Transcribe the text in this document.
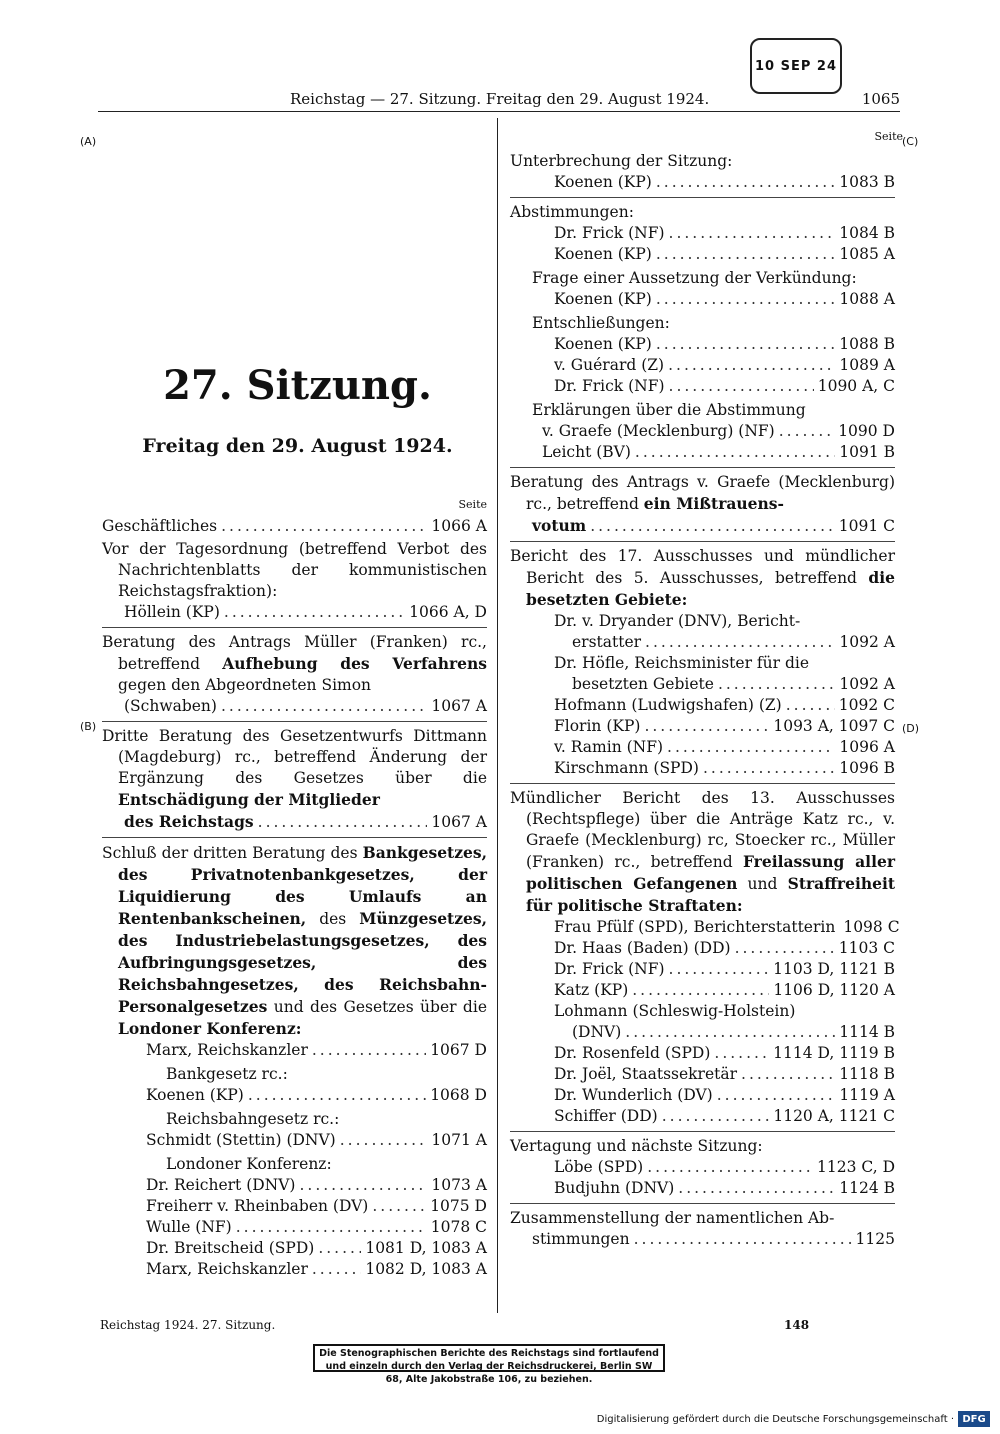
10 SEP 24
Reichstag — 27. Sitzung. Freitag den 29. August 1924.	1065
(A)
(B)
(C)
(D)
27. Sitzung.
Freitag den 29. August 1924.
Seite
Geschäftliches .....	1066 A
Vor der Tagesordnung (betreffend Verbot des Nachrichtenblatts der kommunistischen Reichstagsfraktion):
Höllein (KP) .....	1066 A, D
Beratung des Antrags Müller (Franken) rc., betreffend Aufhebung des Verfahrens gegen den Abgeordneten Simon
(Schwaben) .....	1067 A
Dritte Beratung des Gesetzentwurfs Dittmann (Magdeburg) rc., betreffend Änderung der Ergänzung des Gesetzes über die Entschädigung der Mitglieder
des Reichstags .....	1067 A
Schluß der dritten Beratung des Bankgesetzes, des Privatnotenbankgesetzes, der Liquidierung des Umlaufs an Rentenbankscheinen, des Münzgesetzes, des Industriebelastungsgesetzes, des Aufbringungsgesetzes, des Reichsbahngesetzes, des Reichsbahn-Personalgesetzes und des Gesetzes über die Londoner Konferenz:
Marx, Reichskanzler .....	1067 D
Bankgesetz rc.:
Koenen (KP) .....	1068 D
Reichsbahngesetz rc.:
Schmidt (Stettin) (DNV) .....	1071 A
Londoner Konferenz:
Dr. Reichert (DNV) .....	1073 A
Freiherr v. Rheinbaben (DV) .....	1075 D
Wulle (NF) .....	1078 C
Dr. Breitscheid (SPD) .....	1081 D, 1083 A
Marx, Reichskanzler .....	1082 D, 1083 A
Seite
Unterbrechung der Sitzung:
Koenen (KP) .....	1083 B
Abstimmungen:
Dr. Frick (NF) .....	1084 B
Koenen (KP) .....	1085 A
Frage einer Aussetzung der Verkündung:
Koenen (KP) .....	1088 A
Entschließungen:
Koenen (KP) .....	1088 B
v. Guérard (Z) .....	1089 A
Dr. Frick (NF) .....	1090 A, C
Erklärungen über die Abstimmung
v. Graefe (Mecklenburg) (NF) .....	1090 D
Leicht (BV) .....	1091 B
Beratung des Antrags v. Graefe (Mecklenburg) rc., betreffend ein Mißtrauens-
votum .....	1091 C
Bericht des 17. Ausschusses und mündlicher Bericht des 5. Ausschusses, betreffend die besetzten Gebiete:
Dr. v. Dryander (DNV), Bericht-
erstatter .....	1092 A
Dr. Höfle, Reichsminister für die
besetzten Gebiete .....	1092 A
Hofmann (Ludwigshafen) (Z) .....	1092 C
Florin (KP) .....	1093 A, 1097 C
v. Ramin (NF) .....	1096 A
Kirschmann (SPD) .....	1096 B
Mündlicher Bericht des 13. Ausschusses (Rechtspflege) über die Anträge Katz rc., v. Graefe (Mecklenburg) rc, Stoecker rc., Müller (Franken) rc., betreffend Freilassung aller politischen Gefangenen und Straffreiheit für politische Straftaten:
Frau Pfülf (SPD), Berichterstatterin 1098 C
Dr. Haas (Baden) (DD) .....	1103 C
Dr. Frick (NF) .....	1103 D, 1121 B
Katz (KP) .....	1106 D, 1120 A
Lohmann (Schleswig-Holstein)
(DNV) .....	1114 B
Dr. Rosenfeld (SPD) .....	1114 D, 1119 B
Dr. Joël, Staatssekretär .....	1118 B
Dr. Wunderlich (DV) .....	1119 A
Schiffer (DD) .....	1120 A, 1121 C
Vertagung und nächste Sitzung:
Löbe (SPD) .....	1123 C, D
Budjuhn (DNV) .....	1124 B
Zusammenstellung der namentlichen Ab-
stimmungen .....	1125
Reichstag 1924. 27. Sitzung.	148
Die Stenographischen Berichte des Reichstags sind fortlaufend und einzeln durch den Verlag der Reichsdruckerei, Berlin SW 68, Alte Jakobstraße 106, zu beziehen.
Digitalisierung gefördert durch die Deutsche Forschungsgemeinschaft · DFG
